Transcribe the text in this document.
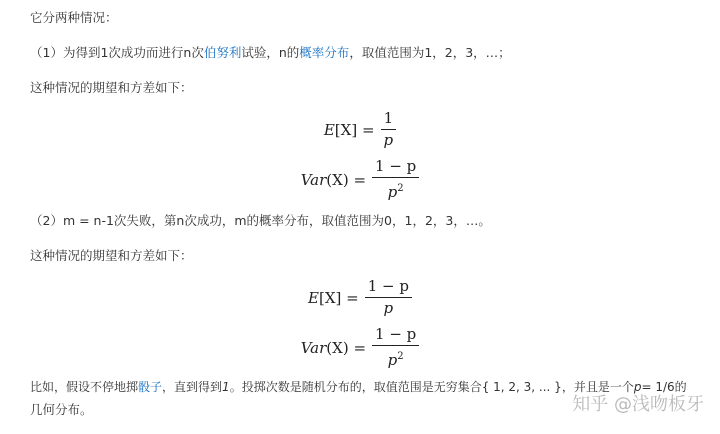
它分两种情况：
（1）为得到1次成功而进行n次伯努利试验，n的概率分布，取值范围为1，2，3，…；
这种情况的期望和方差如下：
E $[X] = \frac{1}{p}$
Var $(X) = \frac{1 - p}{p^2}$
（2）m = n-1次失败，第n次成功，m的概率分布，取值范围为0，1，2，3，…。
这种情况的期望和方差如下：
E $[X] = \frac{1 - p}{p}$
Var $(X) = \frac{1 - p}{p^2}$
比如，假设不停地掷骰子，直到得到1。投掷次数是随机分布的，取值范围是无穷集合{ 1, 2, 3, ... }，并且是一个p= 1/6的
几何分布。	知乎 @浅吻板牙
